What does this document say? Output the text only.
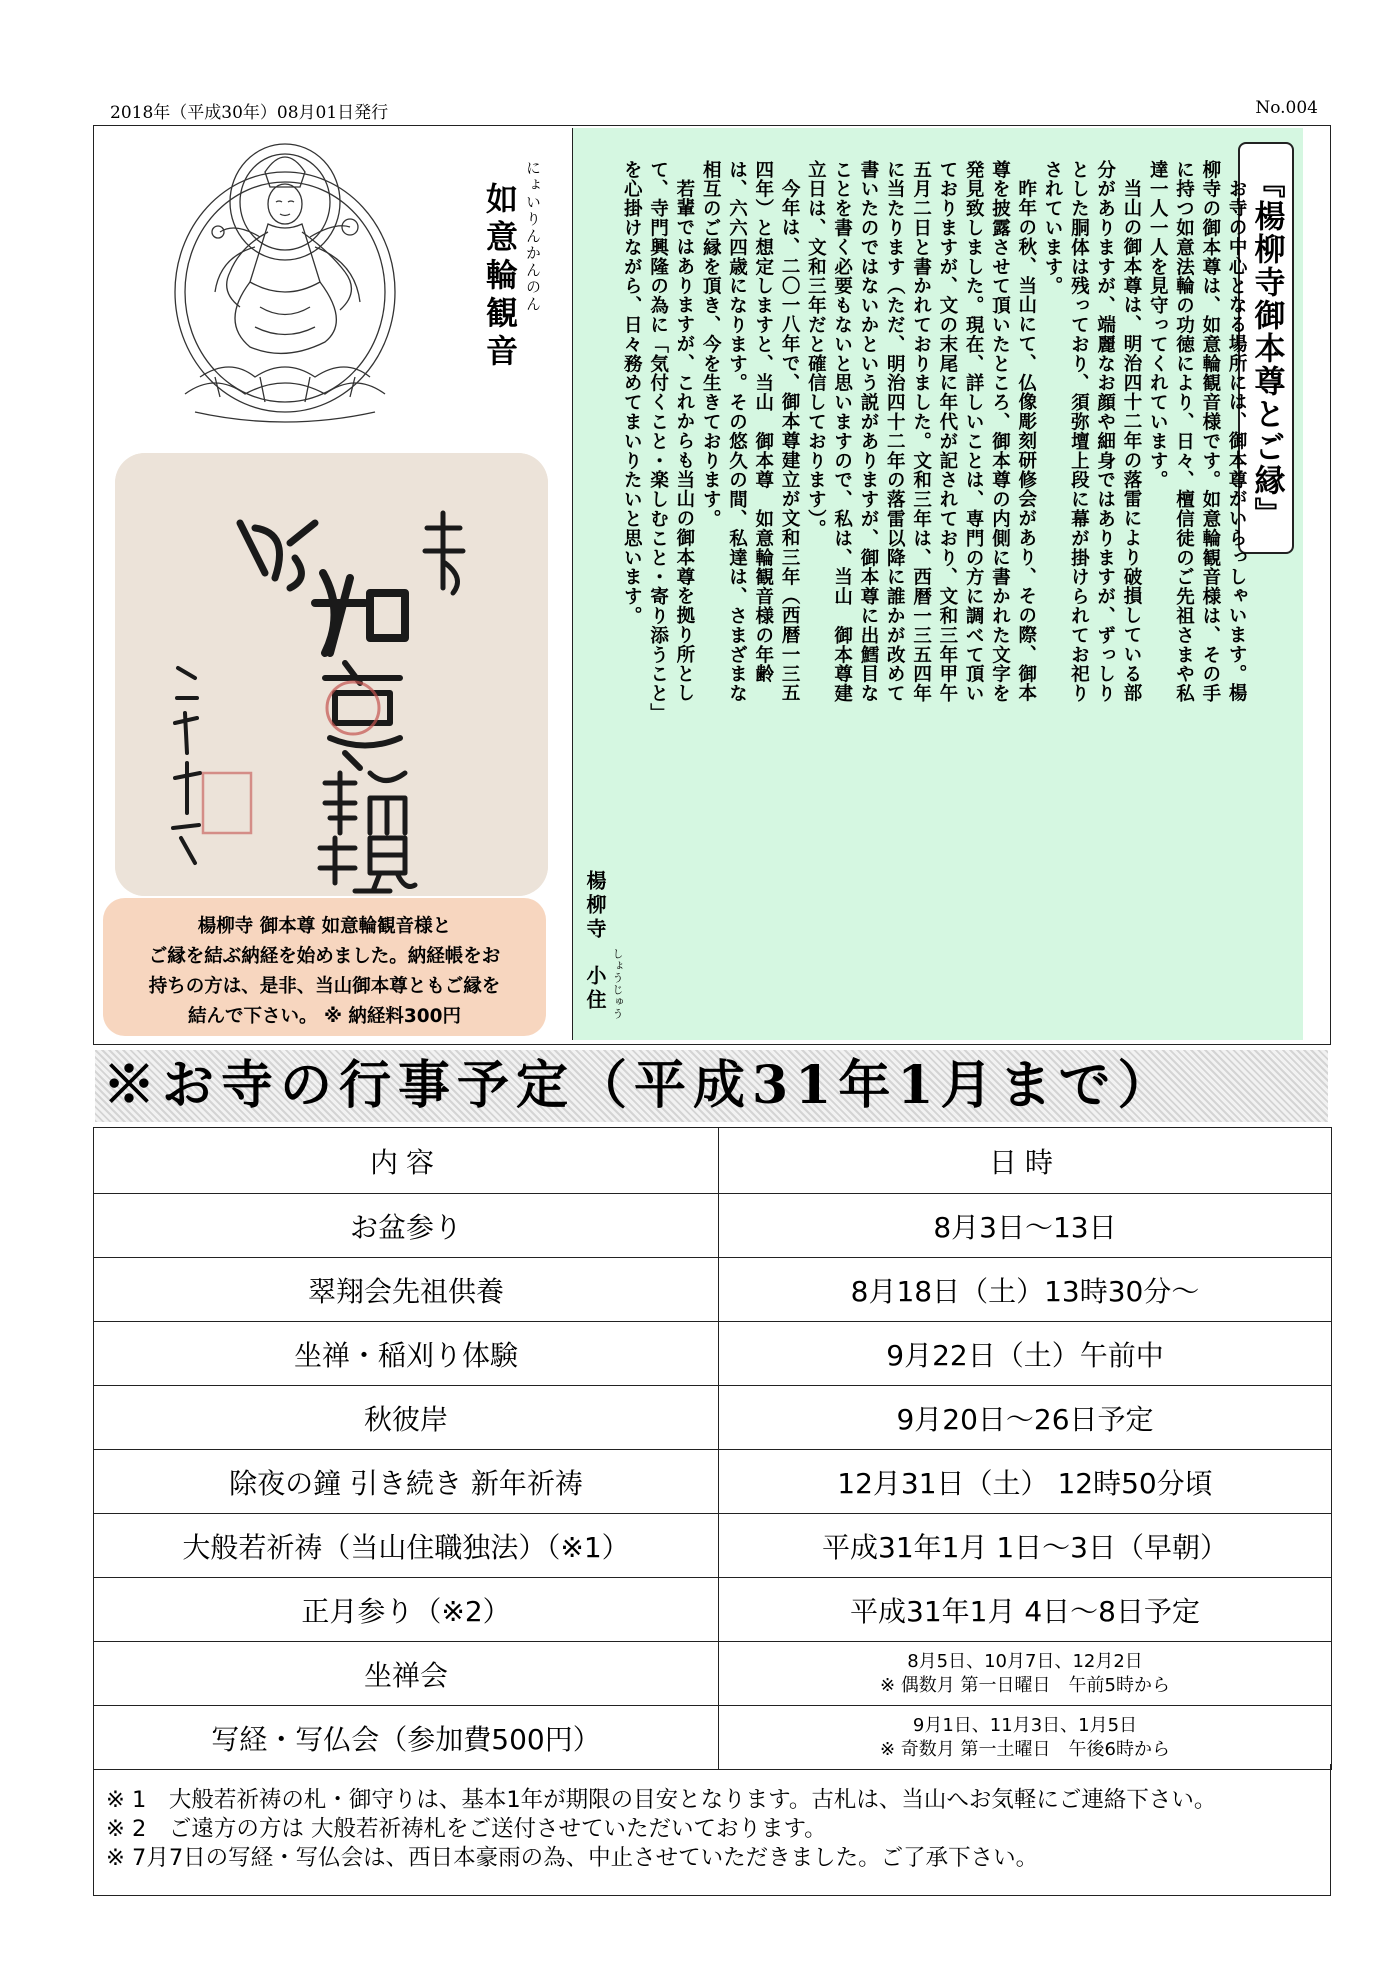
2018年（平成30年）08月01日発行	No.004
如意輪観音 にょいりんかんのん
楊柳寺 御本尊 如意輪観音様と
ご縁を結ぶ納経を始めました。納経帳をお
持ちの方は、是非、当山御本尊ともご縁を
結んで下さい。 ※ 納経料300円
『楊柳寺御本尊とご縁』

お寺の中心となる場所には、御本尊がいらっしゃいます。楊柳寺の御本尊は、如意輪観音様です。如意輪観音様は、その手に持つ如意法輪の功徳により、日々、檀信徒のご先祖さまや私達一人一人を見守ってくれています。

当山の御本尊は、明治四十二年の落雷により破損している部分がありますが、端麗なお顔や細身ではありますが、ずっしりとした胴体は残っており、須弥壇上段に幕が掛けられてお祀りされています。

昨年の秋、当山にて、仏像彫刻研修会があり、その際、御本尊を披露させて頂いたところ、御本尊の内側に書かれた文字を発見致しました。現在、詳しいことは、専門の方に調べて頂いておりますが、文の末尾に年代が記されており、文和三年甲午五月二日と書かれておりました。文和三年は、西暦一三五四年に当たります（ただ、明治四十二年の落雷以降に誰かが改めて書いたのではないかという説がありますが、御本尊に出鱈目なことを書く必要もないと思いますので、私は、当山　御本尊建立日は、文和三年だと確信しております）。

今年は、二〇一八年で、御本尊建立が文和三年（西暦一三五四年）と想定しますと、当山　御本尊　如意輪観音様の年齢は、六六四歳になります。その悠久の間、私達は、さまざまな相互のご縁を頂き、今を生きております。

若輩ではありますが、これからも当山の御本尊を拠り所として、寺門興隆の為に「気付くこと・楽しむこと・寄り添うこと」を心掛けながら、日々務めてまいりたいと思います。

楊柳寺
しょうじゅう
小住
※お寺の行事予定（平成31年1月まで）
内容	日時
お盆参り	8月3日～13日
翠翔会先祖供養	8月18日（土）13時30分～
坐禅・稲刈り体験	9月22日（土）午前中
秋彼岸	9月20日～26日予定
除夜の鐘 引き続き 新年祈祷	12月31日（土） 12時50分頃
大般若祈祷（当山住職独法）（※1）	平成31年1月 1日～3日（早朝）
正月参り（※2）	平成31年1月 4日～8日予定
坐禅会	8月5日、10月7日、12月2日
※ 偶数月 第一日曜日　午前5時から

写経・写仏会（参加費500円）	9月1日、11月3日、1月5日
※ 奇数月 第一土曜日　午後6時から
※ 1　大般若祈祷の札・御守りは、基本1年が期限の目安となります。古札は、当山へお気軽にご連絡下さい。
※ 2　ご遠方の方は 大般若祈祷札をご送付させていただいております。
※ 7月7日の写経・写仏会は、西日本豪雨の為、中止させていただきました。ご了承下さい。
